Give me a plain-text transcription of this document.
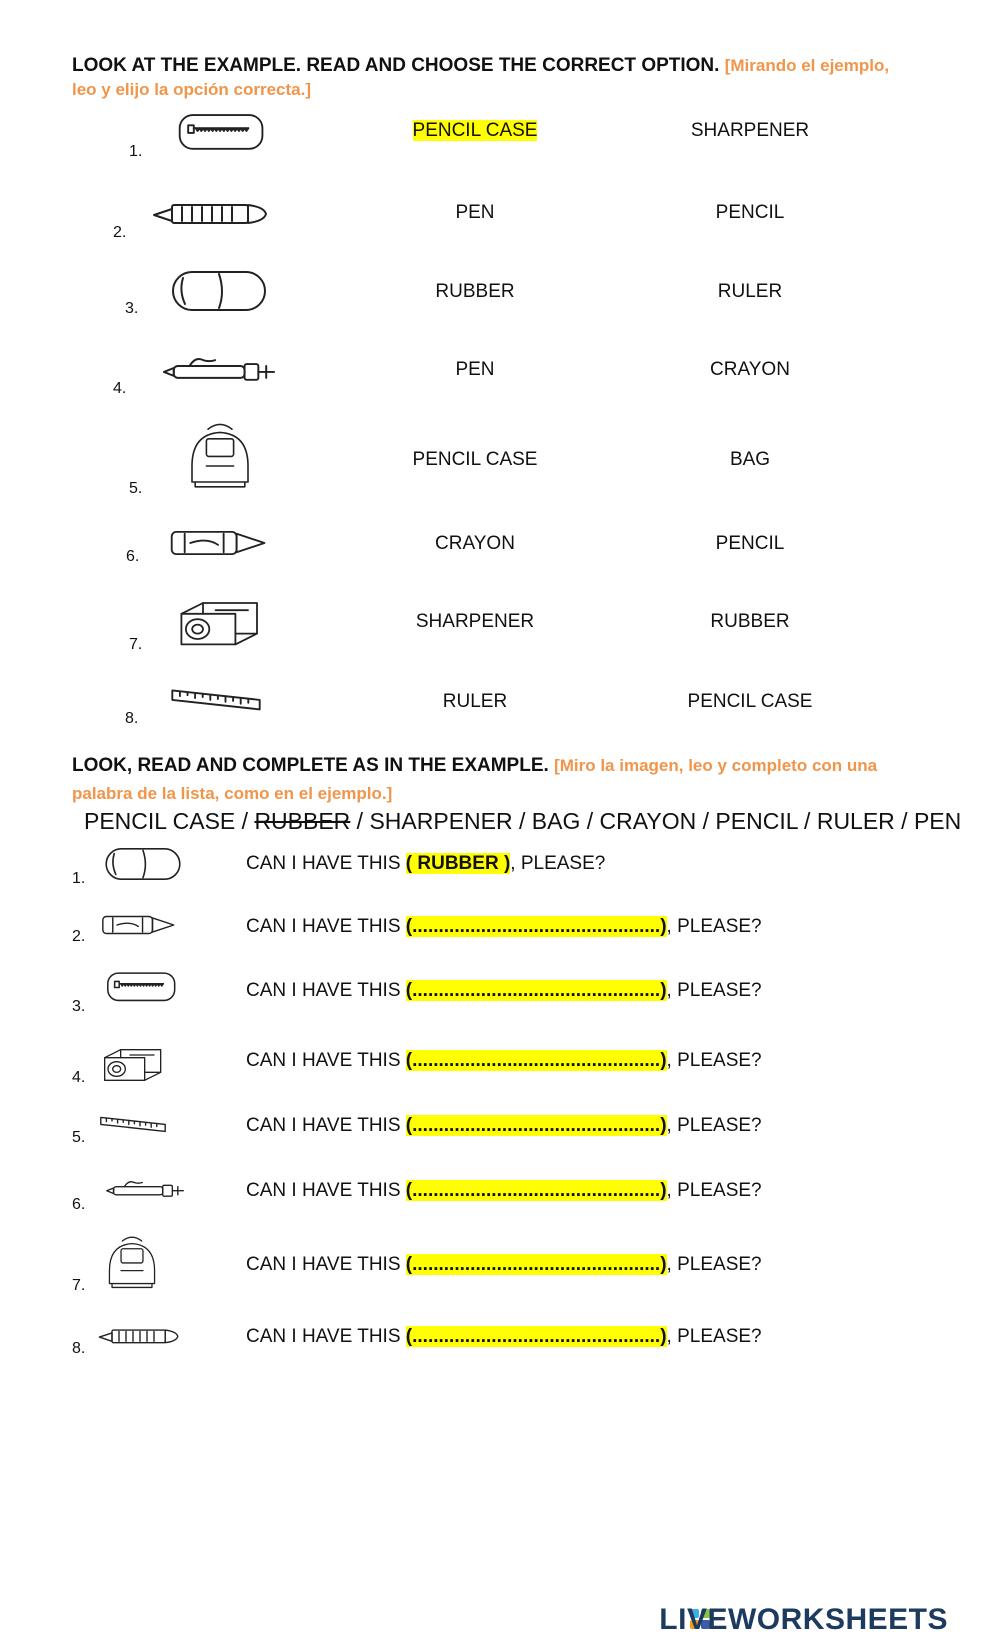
LOOK AT THE EXAMPLE. READ AND CHOOSE THE CORRECT OPTION. [Mirando el ejemplo, leo y elijo la opción correcta.]
1.
PENCIL CASE	SHARPENER
2.
PEN	PENCIL
3.
RUBBER	RULER
4.
PEN	CRAYON
5.
PENCIL CASE	BAG
6.
CRAYON	PENCIL
7.
SHARPENER	RUBBER
8.
RULER	PENCIL CASE
LOOK, READ AND COMPLETE AS IN THE EXAMPLE. [Miro la imagen, leo y completo con una palabra de la lista, como en el ejemplo.]
PENCIL CASE / RUBBER / SHARPENER / BAG / CRAYON / PENCIL / RULER / PEN
1.
CAN I HAVE THIS ( RUBBER ), PLEASE?
2.	CAN I HAVE THIS (...............................................), PLEASE?
3.
CAN I HAVE THIS (...............................................), PLEASE?
4.
CAN I HAVE THIS (...............................................), PLEASE?
5.
CAN I HAVE THIS (...............................................), PLEASE?
6.
CAN I HAVE THIS (...............................................), PLEASE?
7.
CAN I HAVE THIS (...............................................), PLEASE?
8.
CAN I HAVE THIS (...............................................), PLEASE?
LIVEWORKSHEETS
